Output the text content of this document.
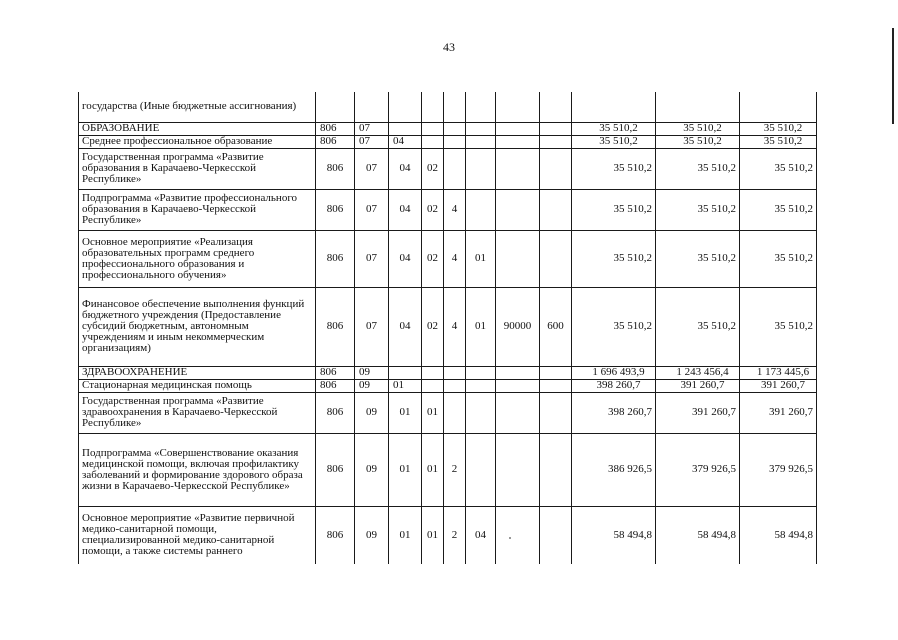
43
государства (Иные бюджетные ассигнования)											
ОБРАЗОВАНИЕ	806	07							35 510,2	35 510,2	35 510,2
Среднее профессиональное образование	806	07	04						35 510,2	35 510,2	35 510,2
Государственная программа «Развитие образования в Карачаево-Черкесской Республике»	806	07	04	02					35 510,2	35 510,2	35 510,2
Подпрограмма «Развитие профессионального образования в Карачаево-Черкесской Республике»	806	07	04	02	4				35 510,2	35 510,2	35 510,2
Основное мероприятие «Реализация образовательных программ среднего профессионального образования и профессионального обучения»	806	07	04	02	4	01			35 510,2	35 510,2	35 510,2
Финансовое обеспечение выполнения функций бюджетного учреждения (Предоставление субсидий бюджетным, автономным учреждениям и иным некоммерческим организациям)	806	07	04	02	4	01	90000	600	35 510,2	35 510,2	35 510,2
ЗДРАВООХРАНЕНИЕ	806	09							1 696 493,9	1 243 456,4	1 173 445,6
Стационарная медицинская помощь	806	09	01						398 260,7	391 260,7	391 260,7
Государственная программа «Развитие здравоохранения в Карачаево-Черкесской Республике»	806	09	01	01					398 260,7	391 260,7	391 260,7
Подпрограмма «Совершенствование оказания медицинской помощи, включая профилактику заболеваний и формирование здорового образа жизни в Карачаево-Черкесской Республике»	806	09	01	01	2				386 926,5	379 926,5	379 926,5
Основное мероприятие «Развитие первичной медико-санитарной помощи, специализированной медико-санитарной помощи, а также системы раннего	806	09	01	01	2	04			58 494,8	58 494,8	58 494,8
